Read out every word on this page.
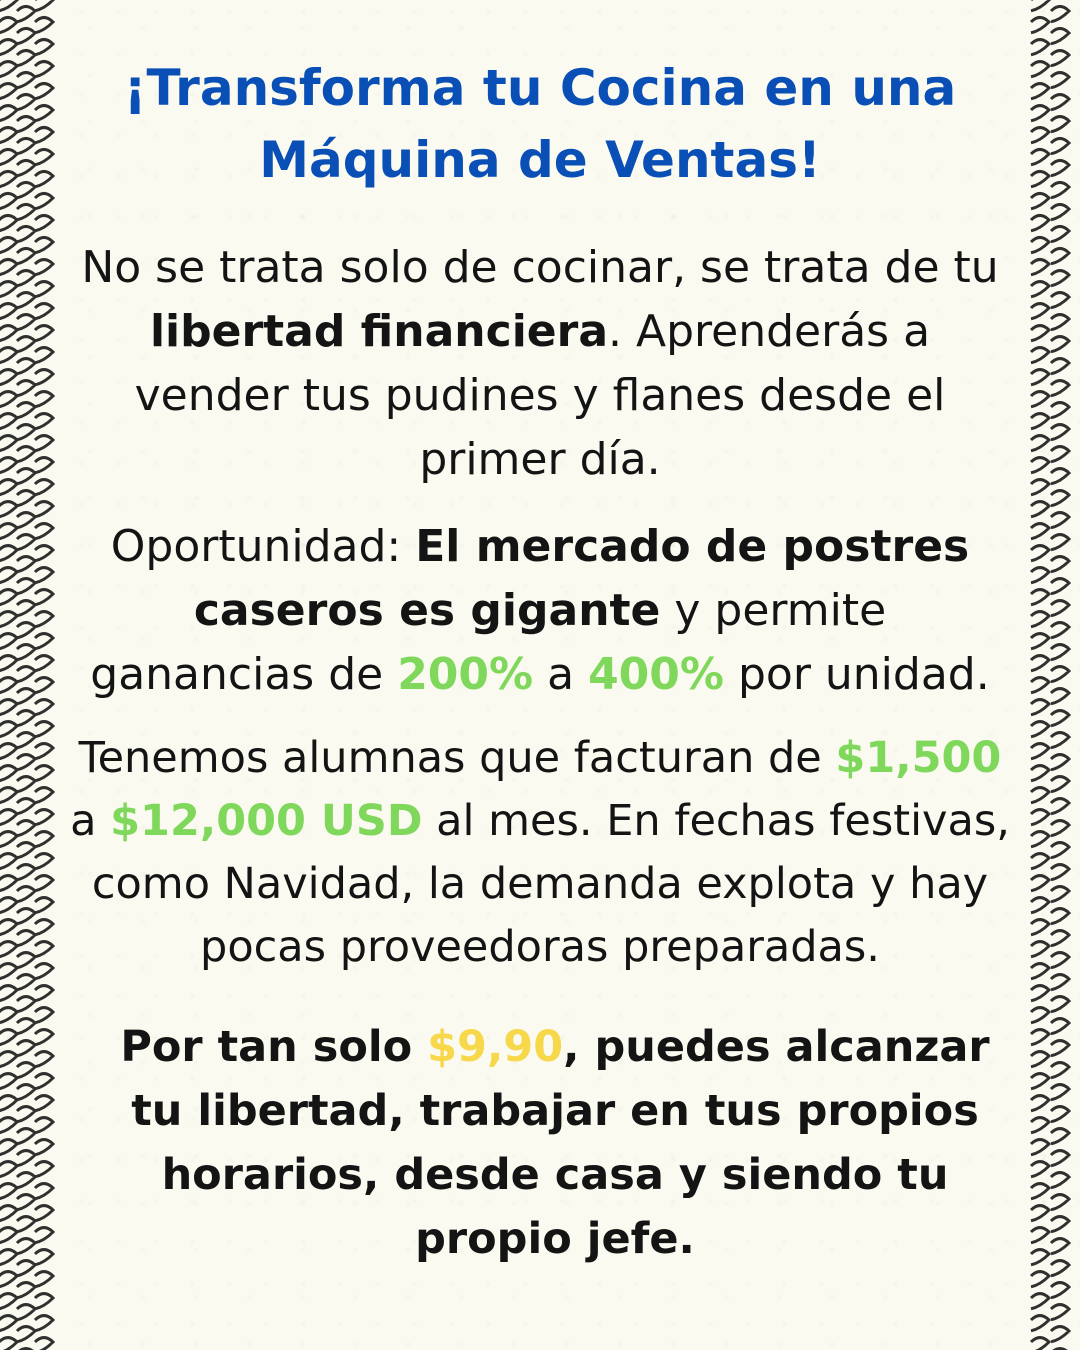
¡Transforma tu Cocina en una
Máquina de Ventas!

No se trata solo de cocinar, se trata de tu libertad financiera. Aprenderás a vender tus pudines y flanes desde el primer día.

Oportunidad: El mercado de postres caseros es gigante y permite ganancias de 200% a 400% por unidad.

Tenemos alumnas que facturan de $1,500 a $12,000 USD al mes. En fechas festivas, como Navidad, la demanda explota y hay pocas proveedoras preparadas.

Por tan solo $9,90, puedes alcanzar tu libertad, trabajar en tus propios horarios, desde casa y siendo tu propio jefe.
